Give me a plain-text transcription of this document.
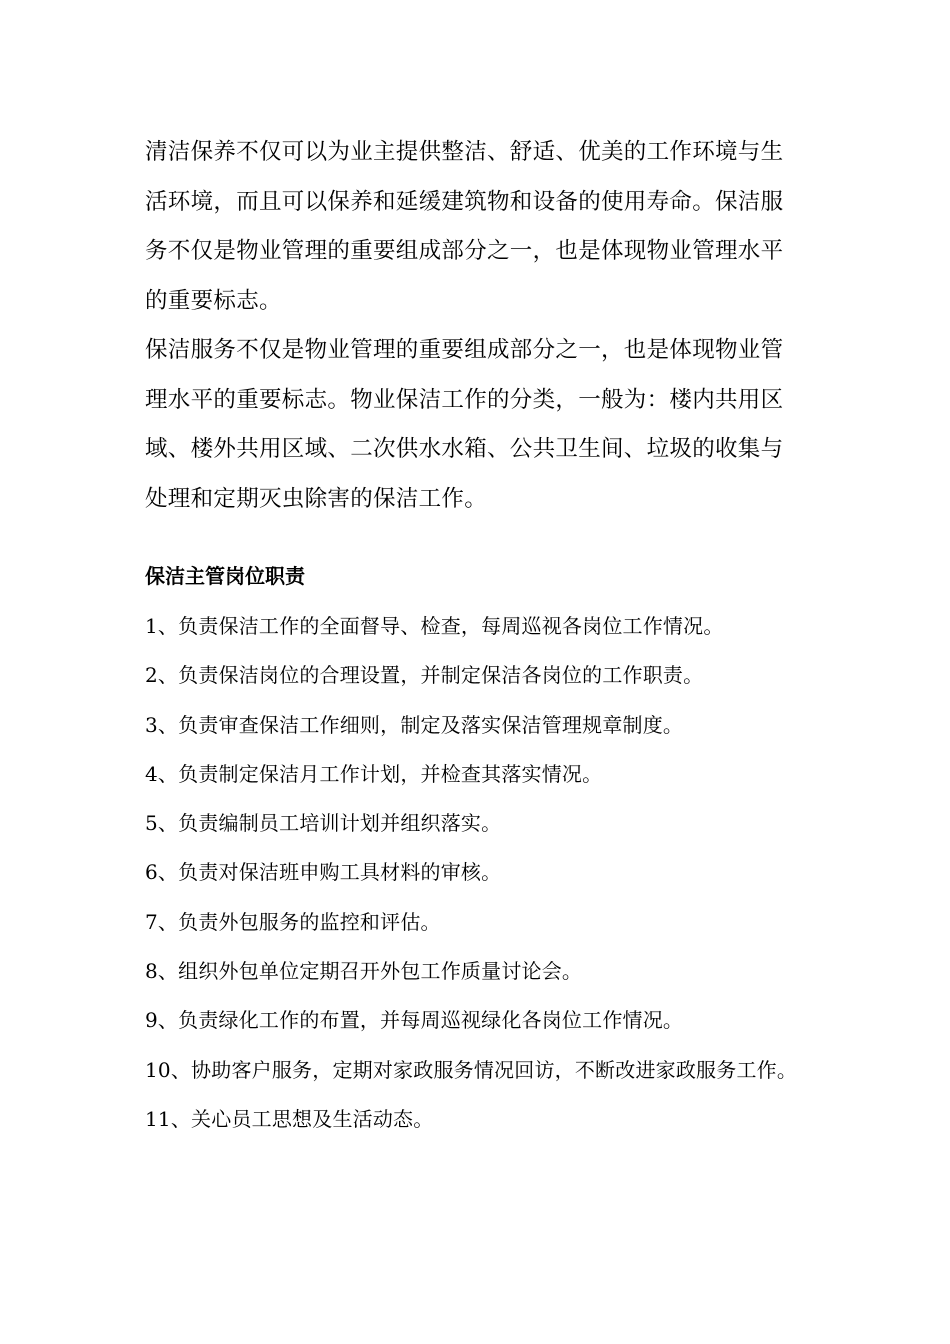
清洁保养不仅可以为业主提供整洁、舒适、优美的工作环境与生活环境，而且可以保养和延缓建筑物和设备的使用寿命。保洁服务不仅是物业管理的重要组成部分之一，也是体现物业管理水平的重要标志。

保洁服务不仅是物业管理的重要组成部分之一，也是体现物业管理水平的重要标志。物业保洁工作的分类，一般为：楼内共用区域、楼外共用区域、二次供水水箱、公共卫生间、垃圾的收集与处理和定期灭虫除害的保洁工作。

保洁主管岗位职责
1、负责保洁工作的全面督导、检查，每周巡视各岗位工作情况。
2、负责保洁岗位的合理设置，并制定保洁各岗位的工作职责。
3、负责审查保洁工作细则，制定及落实保洁管理规章制度。
4、负责制定保洁月工作计划，并检查其落实情况。
5、负责编制员工培训计划并组织落实。
6、负责对保洁班申购工具材料的审核。
7、负责外包服务的监控和评估。
8、组织外包单位定期召开外包工作质量讨论会。
9、负责绿化工作的布置，并每周巡视绿化各岗位工作情况。
10、协助客户服务，定期对家政服务情况回访，不断改进家政服务工作。
11、关心员工思想及生活动态。
